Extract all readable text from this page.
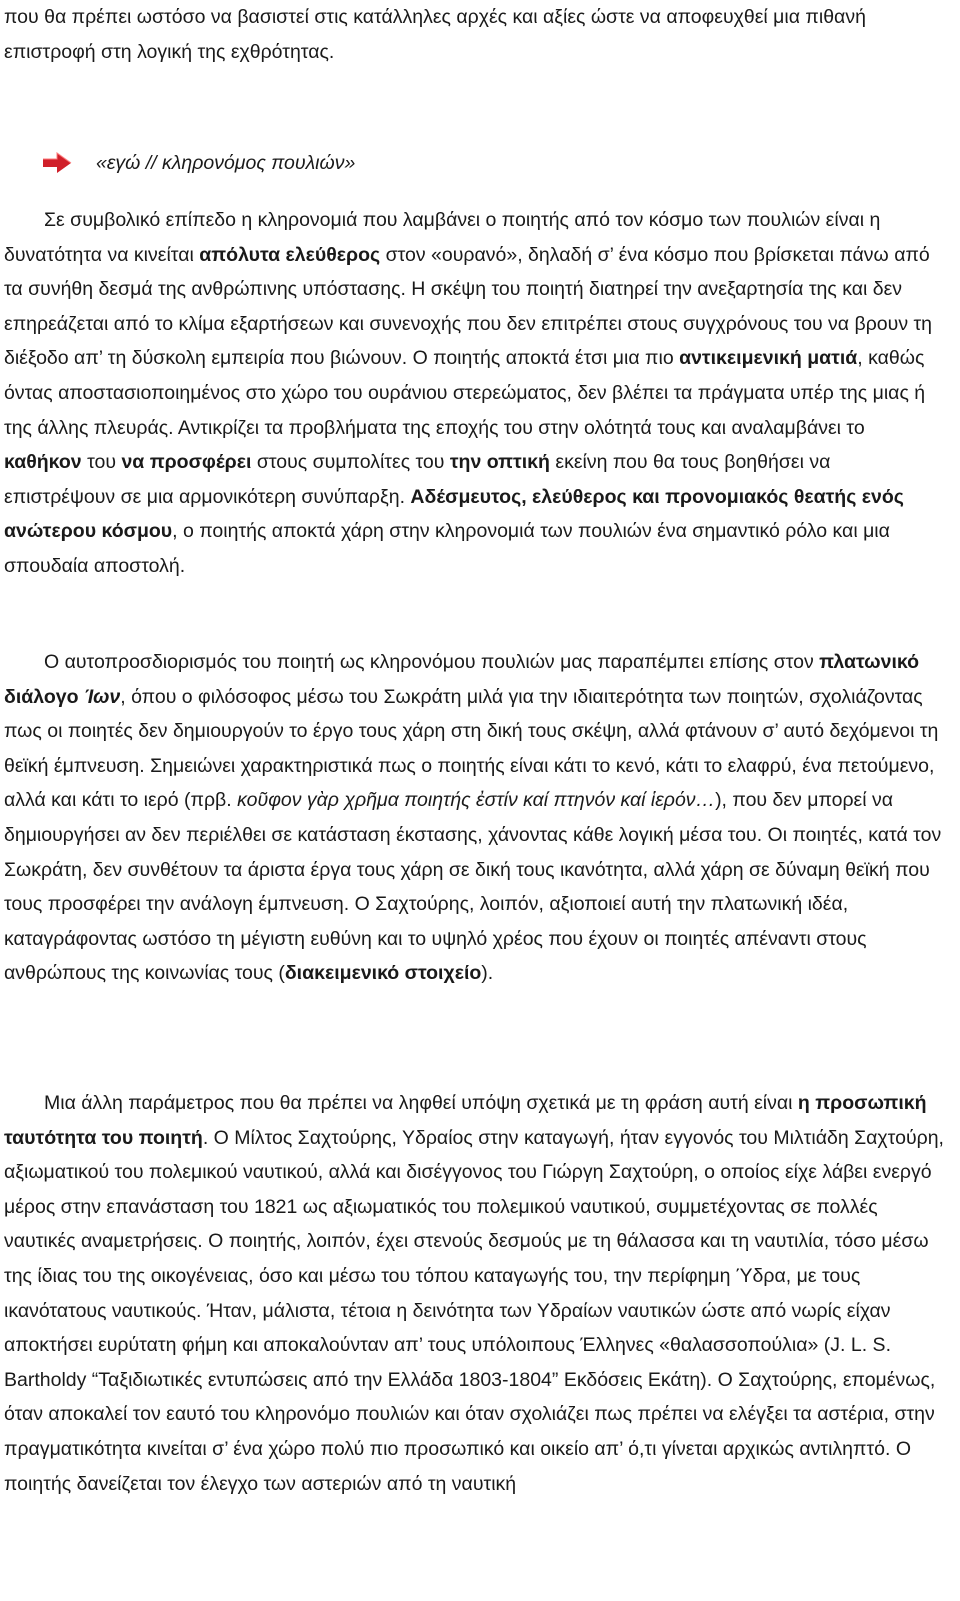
που θα πρέπει ωστόσο να βασιστεί στις κατάλληλες αρχές και αξίες ώστε να αποφευχθεί μια πιθανή επιστροφή στη λογική της εχθρότητας.

«εγώ // κληρονόμος πουλιών»

Σε συμβολικό επίπεδο η κληρονομιά που λαμβάνει ο ποιητής από τον κόσμο των πουλιών είναι η δυνατότητα να κινείται απόλυτα ελεύθερος στον «ουρανό», δηλαδή σ’ ένα κόσμο που βρίσκεται πάνω από τα συνήθη δεσμά της ανθρώπινης υπόστασης. Η σκέψη του ποιητή διατηρεί την ανεξαρτησία της και δεν επηρεάζεται από το κλίμα εξαρτήσεων και συνενοχής που δεν επιτρέπει στους συγχρόνους του να βρουν τη διέξοδο απ’ τη δύσκολη εμπειρία που βιώνουν. Ο ποιητής αποκτά έτσι μια πιο αντικειμενική ματιά, καθώς όντας αποστασιοποιημένος στο χώρο του ουράνιου στερεώματος, δεν βλέπει τα πράγματα υπέρ της μιας ή της άλλης πλευράς. Αντικρίζει τα προβλήματα της εποχής του στην ολότητά τους και αναλαμβάνει το καθήκον του να προσφέρει στους συμπολίτες του την οπτική εκείνη που θα τους βοηθήσει να επιστρέψουν σε μια αρμονικότερη συνύπαρξη. Αδέσμευτος, ελεύθερος και προνομιακός θεατής ενός ανώτερου κόσμου, ο ποιητής αποκτά χάρη στην κληρονομιά των πουλιών ένα σημαντικό ρόλο και μια σπουδαία αποστολή.

Ο αυτοπροσδιορισμός του ποιητή ως κληρονόμου πουλιών μας παραπέμπει επίσης στον πλατωνικό διάλογο Ίων, όπου ο φιλόσοφος μέσω του Σωκράτη μιλά για την ιδιαιτερότητα των ποιητών, σχολιάζοντας πως οι ποιητές δεν δημιουργούν το έργο τους χάρη στη δική τους σκέψη, αλλά φτάνουν σ’ αυτό δεχόμενοι τη θεϊκή έμπνευση. Σημειώνει χαρακτηριστικά πως ο ποιητής είναι κάτι το κενό, κάτι το ελαφρύ, ένα πετούμενο, αλλά και κάτι το ιερό (πρβ. κοῦφον γὰρ χρῆμα ποιητής ἐστίν καί πτηνόν καί ἱερόν…), που δεν μπορεί να δημιουργήσει αν δεν περιέλθει σε κατάσταση έκστασης, χάνοντας κάθε λογική μέσα του. Οι ποιητές, κατά τον Σωκράτη, δεν συνθέτουν τα άριστα έργα τους χάρη σε δική τους ικανότητα, αλλά χάρη σε δύναμη θεϊκή που τους προσφέρει την ανάλογη έμπνευση. Ο Σαχτούρης, λοιπόν, αξιοποιεί αυτή την πλατωνική ιδέα, καταγράφοντας ωστόσο τη μέγιστη ευθύνη και το υψηλό χρέος που έχουν οι ποιητές απέναντι στους ανθρώπους της κοινωνίας τους (διακειμενικό στοιχείο).

Μια άλλη παράμετρος που θα πρέπει να ληφθεί υπόψη σχετικά με τη φράση αυτή είναι η προσωπική ταυτότητα του ποιητή. Ο Μίλτος Σαχτούρης, Υδραίος στην καταγωγή, ήταν εγγονός του Μιλτιάδη Σαχτούρη, αξιωματικού του πολεμικού ναυτικού, αλλά και δισέγγονος του Γιώργη Σαχτούρη, ο οποίος είχε λάβει ενεργό μέρος στην επανάσταση του 1821 ως αξιωματικός του πολεμικού ναυτικού, συμμετέχοντας σε πολλές ναυτικές αναμετρήσεις. Ο ποιητής, λοιπόν, έχει στενούς δεσμούς με τη θάλασσα και τη ναυτιλία, τόσο μέσω της ίδιας του της οικογένειας, όσο και μέσω του τόπου καταγωγής του, την περίφημη Ύδρα, με τους ικανότατους ναυτικούς. Ήταν, μάλιστα, τέτοια η δεινότητα των Υδραίων ναυτικών ώστε από νωρίς είχαν αποκτήσει ευρύτατη φήμη και αποκαλούνταν απ’ τους υπόλοιπους Έλληνες «θαλασσοπούλια» (J. L. S. Bartholdy “Ταξιδιωτικές εντυπώσεις από την Ελλάδα 1803-1804” Εκδόσεις Εκάτη). Ο Σαχτούρης, επομένως, όταν αποκαλεί τον εαυτό του κληρονόμο πουλιών και όταν σχολιάζει πως πρέπει να ελέγξει τα αστέρια, στην πραγματικότητα κινείται σ’ ένα χώρο πολύ πιο προσωπικό και οικείο απ’ ό,τι γίνεται αρχικώς αντιληπτό. Ο ποιητής δανείζεται τον έλεγχο των αστεριών από τη ναυτική
